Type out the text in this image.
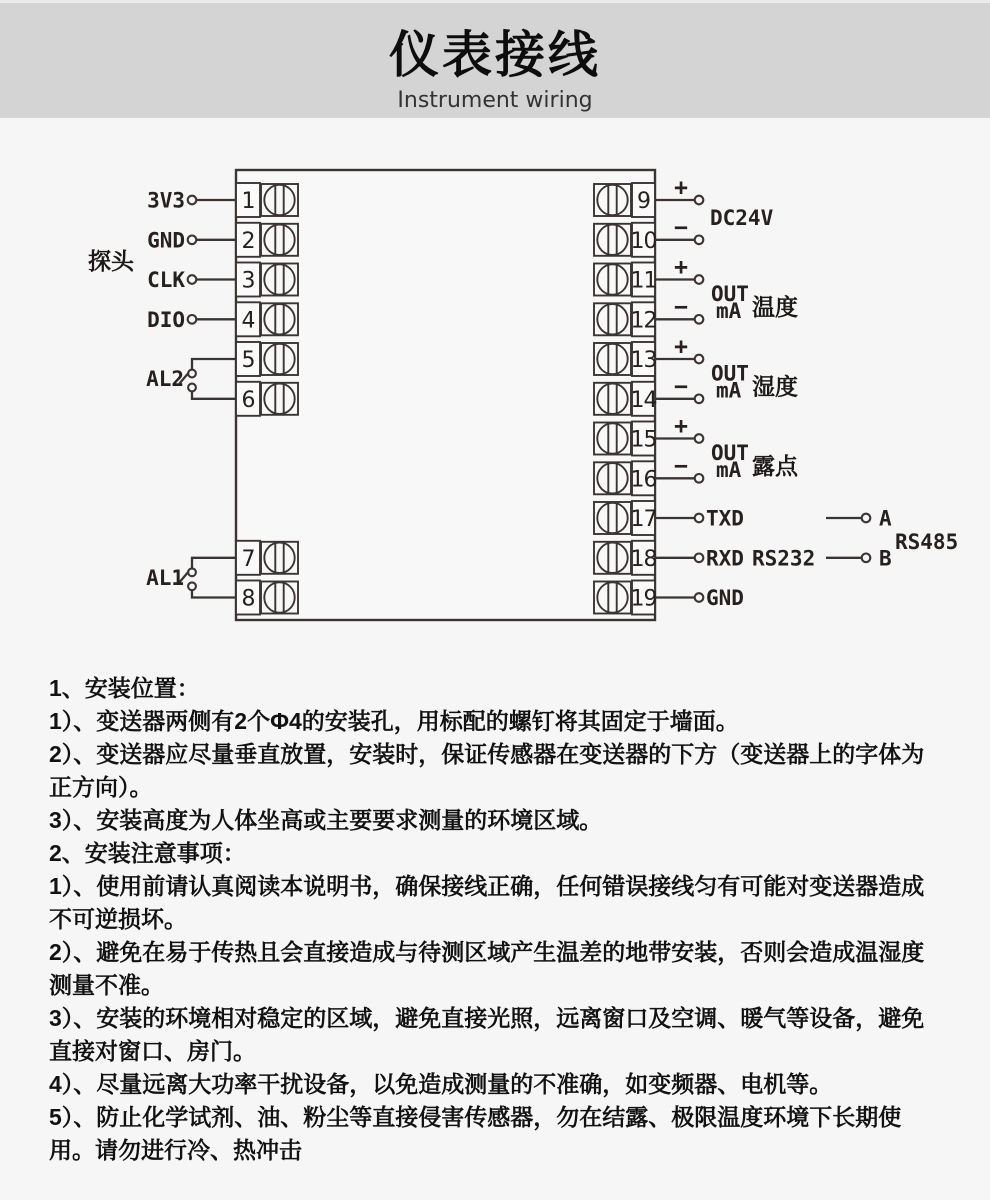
仪表接线
Instrument wiring
1
2
3
4
5
6
7
8
9
10
11
12
13
14
15
16
17
18
19
探头
3V3
GND
CLK
DIO
AL2
AL1
+
− DC24V
+
−
OUT
mA 温度
+
−
OUT
mA 湿度
+
−
OUT
mA 露点
TXD
RXD RS232
GND
A
B
RS485

1、安装位置：

1）、变送器两侧有2个Φ4的安装孔，用标配的螺钉将其固定于墙面。

2）、变送器应尽量垂直放置，安装时，保证传感器在变送器的下方（变送器上的字体为正方向）。

3）、安装高度为人体坐高或主要要求测量的环境区域。

2、安装注意事项：

1）、使用前请认真阅读本说明书，确保接线正确，任何错误接线匀有可能对变送器造成不可逆损坏。

2）、避免在易于传热且会直接造成与待测区域产生温差的地带安装，否则会造成温湿度测量不准。

3）、安装的环境相对稳定的区域，避免直接光照，远离窗口及空调、暖气等设备，避免直接对窗口、房门。

4）、尽量远离大功率干扰设备，以免造成测量的不准确，如变频器、电机等。

5）、防止化学试剂、油、粉尘等直接侵害传感器，勿在结露、极限温度环境下长期使用。请勿进行冷、热冲击
